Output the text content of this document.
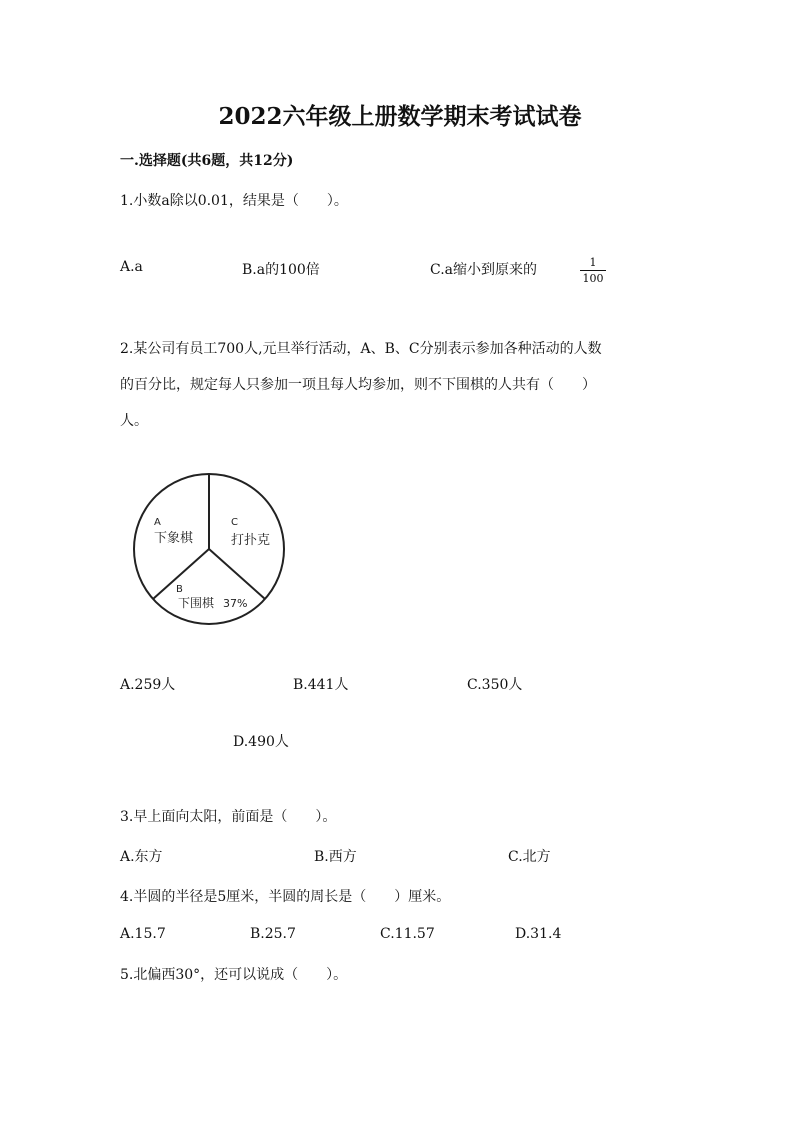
2022六年级上册数学期末考试试卷
一.选择题(共6题，共12分)
1.小数a除以0.01，结果是（　　）。
A.a	B.a的100倍	C.a缩小到原来的	$\frac{1}{100}$
2.某公司有员工700人,元旦举行活动，A、B、C分别表示参加各种活动的人数
的百分比，规定每人只参加一项且每人均参加，则不下围棋的人共有（　　）
人。
A
下象棋
C
打扑克
B
下围棋 37%
A.259人	B.441人	C.350人
D.490人
3.早上面向太阳，前面是（　　）。
A.东方	B.西方	C.北方
4.半圆的半径是5厘米，半圆的周长是（　　）厘米。
A.15.7	B.25.7	C.11.57	D.31.4
5.北偏西30°，还可以说成（　　）。
